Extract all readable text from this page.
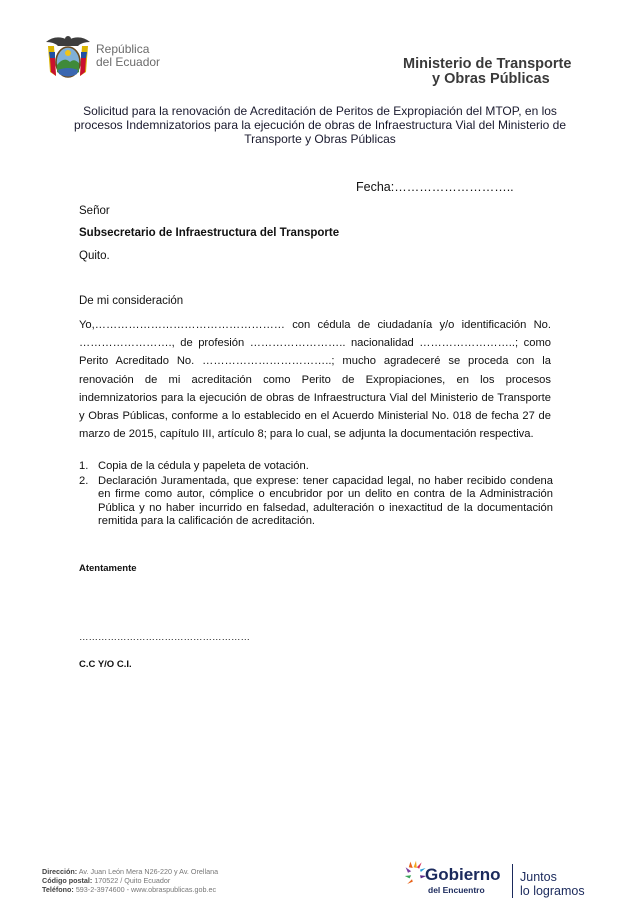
República
del Ecuador	Ministerio de Transporte
y Obras Públicas
Solicitud para la renovación de Acreditación de Peritos de Expropiación del MTOP, en los procesos Indemnizatorios para la ejecución de obras de Infraestructura Vial del Ministerio de Transporte y Obras Públicas
Fecha:………………………..
Señor
Subsecretario de Infraestructura del Transporte
Quito.
De mi consideración
Yo,…………………………………………… con cédula de ciudadanía y/o identificación No. ……………………., de profesión …………………….. nacionalidad ……………………..; como Perito Acreditado No. ……………………………..; mucho agradeceré se proceda con la renovación de mi acreditación como Perito de Expropiaciones, en los procesos indemnizatorios para la ejecución de obras de Infraestructura Vial del Ministerio de Transporte y Obras Públicas, conforme a lo establecido en el Acuerdo Ministerial No. 018 de fecha 27 de marzo de 2015, capítulo III, artículo 8; para lo cual, se adjunta la documentación respectiva.
1. Copia de la cédula y papeleta de votación.
2. Declaración Juramentada, que exprese: tener capacidad legal, no haber recibido condena en firme como autor, cómplice o encubridor por un delito en contra de la Administración Pública y no haber incurrido en falsedad, adulteración o inexactitud de la documentación remitida para la calificación de acreditación.
Atentamente
………………………………………………
C.C Y/O C.I.
Dirección: Av. Juan León Mera N26-220 y Av. Orellana
Código postal: 170522 / Quito Ecuador
Teléfono: 593-2-3974600 - www.obraspublicas.gob.ec
Gobierno
del Encuentro
Juntos
lo logramos
